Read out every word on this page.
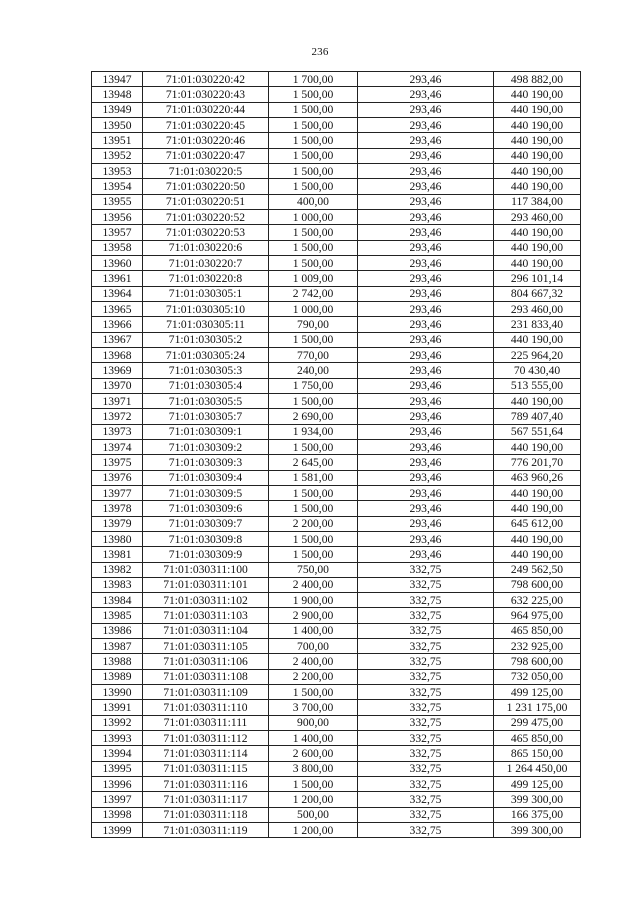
236
13947	71:01:030220:42	1 700,00	293,46	498 882,00
13948	71:01:030220:43	1 500,00	293,46	440 190,00
13949	71:01:030220:44	1 500,00	293,46	440 190,00
13950	71:01:030220:45	1 500,00	293,46	440 190,00
13951	71:01:030220:46	1 500,00	293,46	440 190,00
13952	71:01:030220:47	1 500,00	293,46	440 190,00
13953	71:01:030220:5	1 500,00	293,46	440 190,00
13954	71:01:030220:50	1 500,00	293,46	440 190,00
13955	71:01:030220:51	400,00	293,46	117 384,00
13956	71:01:030220:52	1 000,00	293,46	293 460,00
13957	71:01:030220:53	1 500,00	293,46	440 190,00
13958	71:01:030220:6	1 500,00	293,46	440 190,00
13960	71:01:030220:7	1 500,00	293,46	440 190,00
13961	71:01:030220:8	1 009,00	293,46	296 101,14
13964	71:01:030305:1	2 742,00	293,46	804 667,32
13965	71:01:030305:10	1 000,00	293,46	293 460,00
13966	71:01:030305:11	790,00	293,46	231 833,40
13967	71:01:030305:2	1 500,00	293,46	440 190,00
13968	71:01:030305:24	770,00	293,46	225 964,20
13969	71:01:030305:3	240,00	293,46	70 430,40
13970	71:01:030305:4	1 750,00	293,46	513 555,00
13971	71:01:030305:5	1 500,00	293,46	440 190,00
13972	71:01:030305:7	2 690,00	293,46	789 407,40
13973	71:01:030309:1	1 934,00	293,46	567 551,64
13974	71:01:030309:2	1 500,00	293,46	440 190,00
13975	71:01:030309:3	2 645,00	293,46	776 201,70
13976	71:01:030309:4	1 581,00	293,46	463 960,26
13977	71:01:030309:5	1 500,00	293,46	440 190,00
13978	71:01:030309:6	1 500,00	293,46	440 190,00
13979	71:01:030309:7	2 200,00	293,46	645 612,00
13980	71:01:030309:8	1 500,00	293,46	440 190,00
13981	71:01:030309:9	1 500,00	293,46	440 190,00
13982	71:01:030311:100	750,00	332,75	249 562,50
13983	71:01:030311:101	2 400,00	332,75	798 600,00
13984	71:01:030311:102	1 900,00	332,75	632 225,00
13985	71:01:030311:103	2 900,00	332,75	964 975,00
13986	71:01:030311:104	1 400,00	332,75	465 850,00
13987	71:01:030311:105	700,00	332,75	232 925,00
13988	71:01:030311:106	2 400,00	332,75	798 600,00
13989	71:01:030311:108	2 200,00	332,75	732 050,00
13990	71:01:030311:109	1 500,00	332,75	499 125,00
13991	71:01:030311:110	3 700,00	332,75	1 231 175,00
13992	71:01:030311:111	900,00	332,75	299 475,00
13993	71:01:030311:112	1 400,00	332,75	465 850,00
13994	71:01:030311:114	2 600,00	332,75	865 150,00
13995	71:01:030311:115	3 800,00	332,75	1 264 450,00
13996	71:01:030311:116	1 500,00	332,75	499 125,00
13997	71:01:030311:117	1 200,00	332,75	399 300,00
13998	71:01:030311:118	500,00	332,75	166 375,00
13999	71:01:030311:119	1 200,00	332,75	399 300,00
